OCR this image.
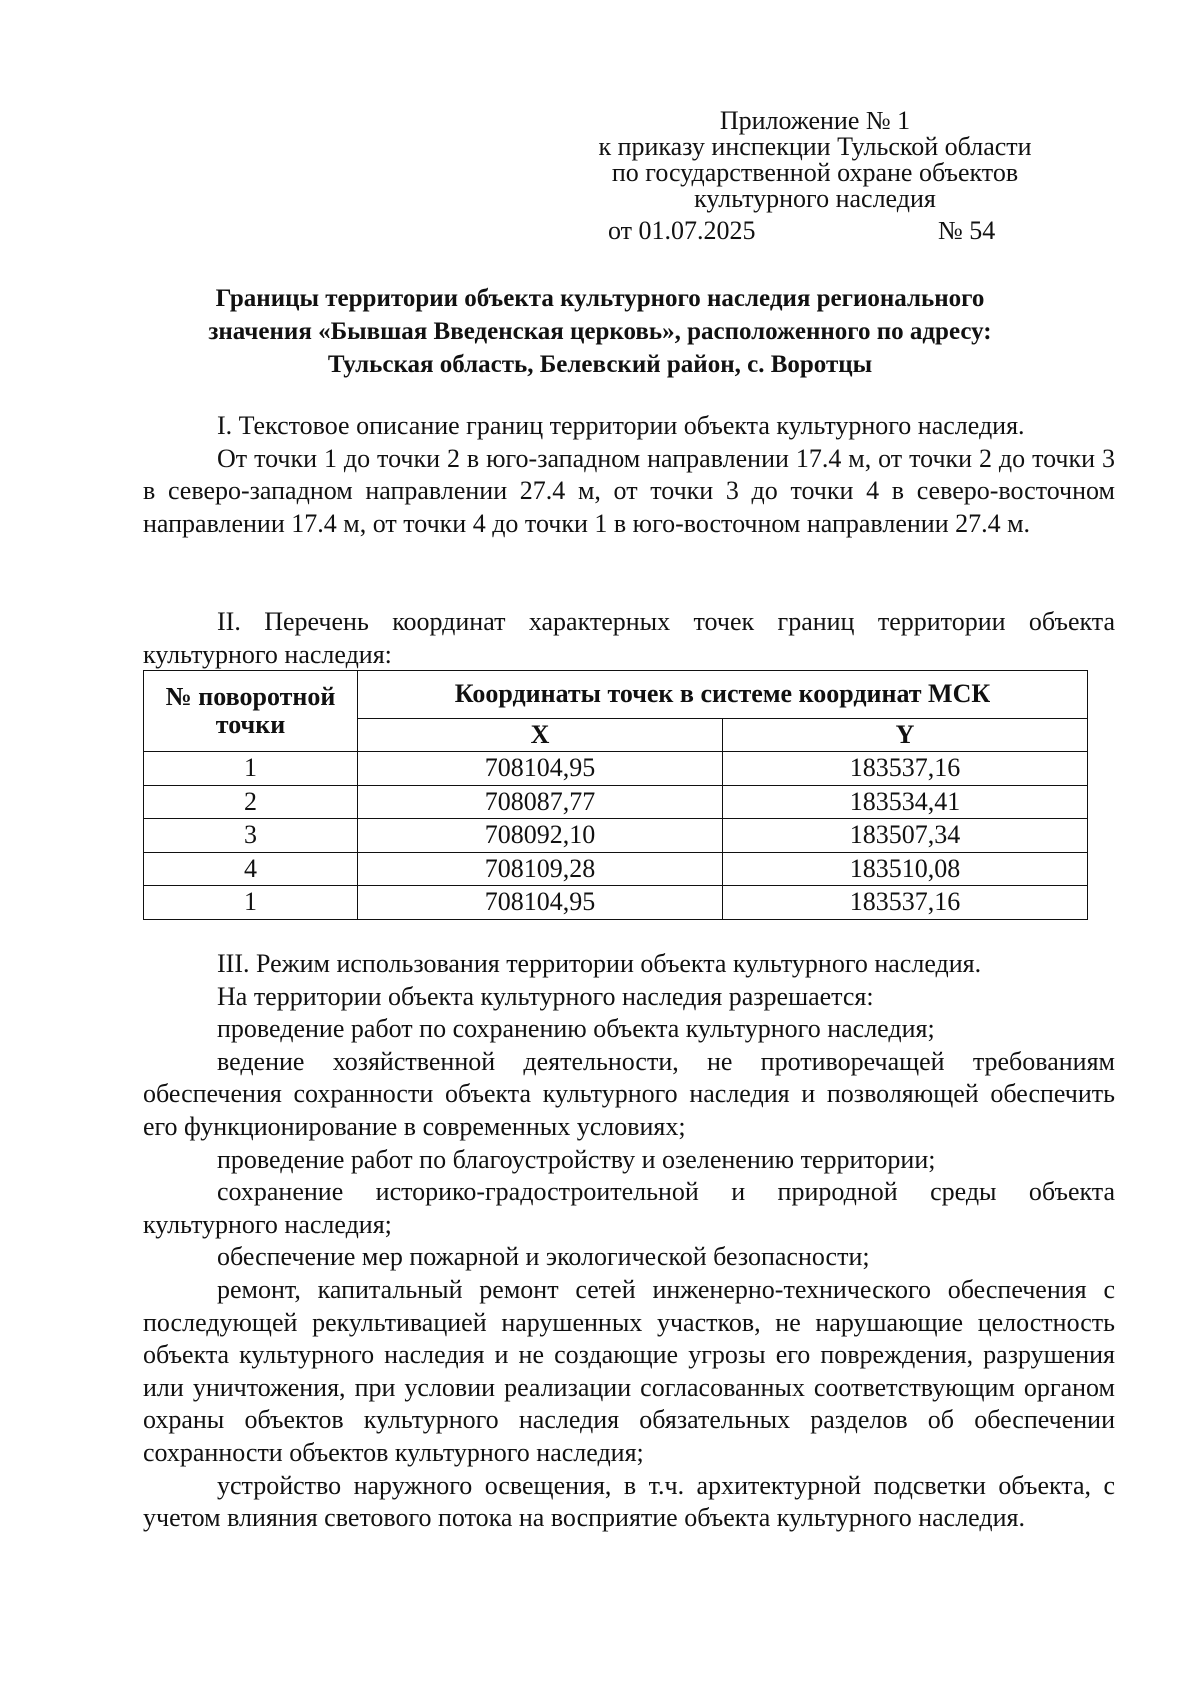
Приложение № 1
к приказу инспекции Тульской области
по государственной охране объектов
культурного наследия
от 01.07.2025	№ 54
Границы территории объекта культурного наследия регионального
значения «Бывшая Введенская церковь», расположенного по адресу:
Тульская область, Белевский район, с. Воротцы

I. Текстовое описание границ территории объекта культурного наследия.

От точки 1 до точки 2 в юго-западном направлении 17.4 м, от точки 2 до точки 3 в северо-западном направлении 27.4 м, от точки 3 до точки 4 в северо-восточном направлении 17.4 м, от точки 4 до точки 1 в юго-восточном направлении 27.4 м.

II. Перечень координат характерных точек границ территории объекта культурного наследия:

№ поворотной точки	Координаты точек в системе координат МСК	
	X	Y
1	708104,95	183537,16
2	708087,77	183534,41
3	708092,10	183507,34
4	708109,28	183510,08
1	708104,95	183537,16

III. Режим использования территории объекта культурного наследия.

На территории объекта культурного наследия разрешается:

проведение работ по сохранению объекта культурного наследия;

ведение хозяйственной деятельности, не противоречащей требованиям обеспечения сохранности объекта культурного наследия и позволяющей обеспечить его функционирование в современных условиях;

проведение работ по благоустройству и озеленению территории;

сохранение историко-градостроительной и природной среды объекта культурного наследия;

обеспечение мер пожарной и экологической безопасности;

ремонт, капитальный ремонт сетей инженерно-технического обеспечения с последующей рекультивацией нарушенных участков, не нарушающие целостность объекта культурного наследия и не создающие угрозы его повреждения, разрушения или уничтожения, при условии реализации согласованных соответствующим органом охраны объектов культурного наследия обязательных разделов об обеспечении сохранности объектов культурного наследия;

устройство наружного освещения, в т.ч. архитектурной подсветки объекта, с учетом влияния светового потока на восприятие объекта культурного наследия.
